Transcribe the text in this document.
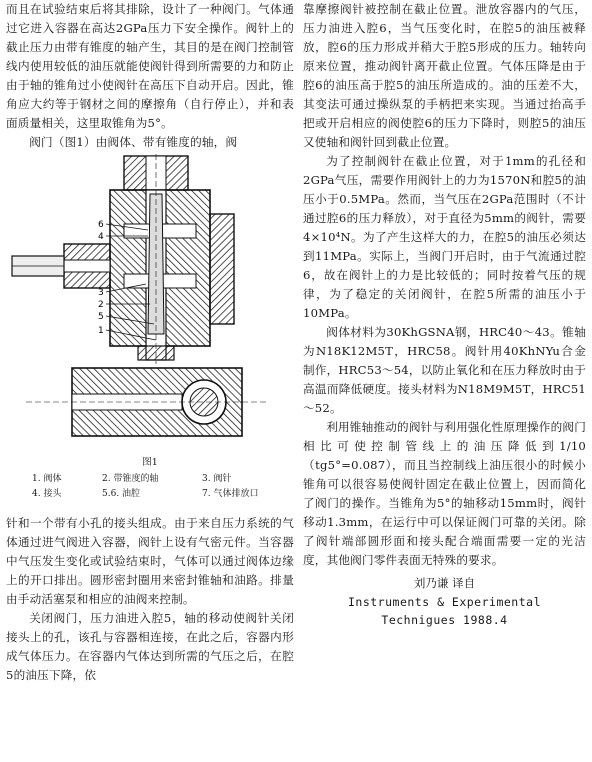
而且在试验结束后将其排除，设计了一种阀门。气体通过它进入容器在高达2GPa压力下安全操作。阀针上的截止压力由带有锥度的轴产生，其目的是在阀门控制管线内使用较低的油压就能使阀针得到所需要的力和防止由于轴的锥角过小使阀针在高压下自动开启。因此，锥角应大约等于钢材之间的摩擦角（自行停止），并和表面质量相关，这里取锥角为5°。

阀门（图1）由阀体、带有锥度的轴，阀

6
4
3
2
5
1

图1

1. 阀体	2. 带锥度的轴	3. 阀针
4. 接头	5.6. 油腔	7. 气体排放口

针和一个带有小孔的接头组成。由于来自压力系统的气体通过进气阀进入容器，阀针上设有气密元件。当容器中气压发生变化或试验结束时，气体可以通过阀体边缘上的开口排出。圆形密封圈用来密封锥轴和油路。排量由手动活塞泵和相应的油阀来控制。

关闭阀门，压力油进入腔5，轴的移动使阀针关闭接头上的孔，该孔与容器相连接，在此之后，容器内形成气体压力。在容器内气体达到所需的气压之后，在腔5的油压下降，依

靠摩擦阀针被控制在截止位置。泄放容器内的气压，压力油进入腔6，当气压变化时，在腔5的油压被释放，腔6的压力形成并稍大于腔5形成的压力。轴转向原来位置，推动阀针离开截止位置。气体压降是由于腔6的油压高于腔5的油压所造成的。油的压差不大，其变法可通过操纵泵的手柄把来实现。当通过抬高手把或开启相应的阀使腔6的压力下降时，则腔5的油压又使轴和阀针回到截止位置。

为了控制阀针在截止位置，对于1mm的孔径和2GPa气压，需要作用阀针上的力为1570N和腔5的油压小于0.5MPa。然而，当气压在2GPa范围时（不计通过腔6的压力释放），对于直径为5mm的阀针，需要4×10⁴N。为了产生这样大的力，在腔5的油压必须达到11MPa。实际上，当阀门开启时，由于气流通过腔6，故在阀针上的力是比较低的；同时按着气压的规律，为了稳定的关闭阀针，在腔5所需的油压小于10MPa。

阀体材料为30KhGSNA钢，HRC40～43。锥轴为N18K12M5T，HRC58。阀针用40KhNYu合金制作，HRC53～54，以防止氧化和在压力释放时由于高温而降低硬度。接头材料为N18M9M5T，HRC51～52。

利用锥轴推动的阀针与利用强化性原理操作的阀门相比可使控制管线上的油压降低到1/10（tg5°=0.087），而且当控制线上油压很小的时候小锥角可以很容易使阀针固定在截止位置上，因而简化了阀门的操作。当锥角为5°的轴移动15mm时，阀针移动1.3mm，在运行中可以保证阀门可靠的关闭。除了阀针端部圆形面和接头配合端面需要一定的光洁度，其他阀门零件表面无特殊的要求。

刘乃谦 译自

Instruments & Experimental

Technigues 1988.4
